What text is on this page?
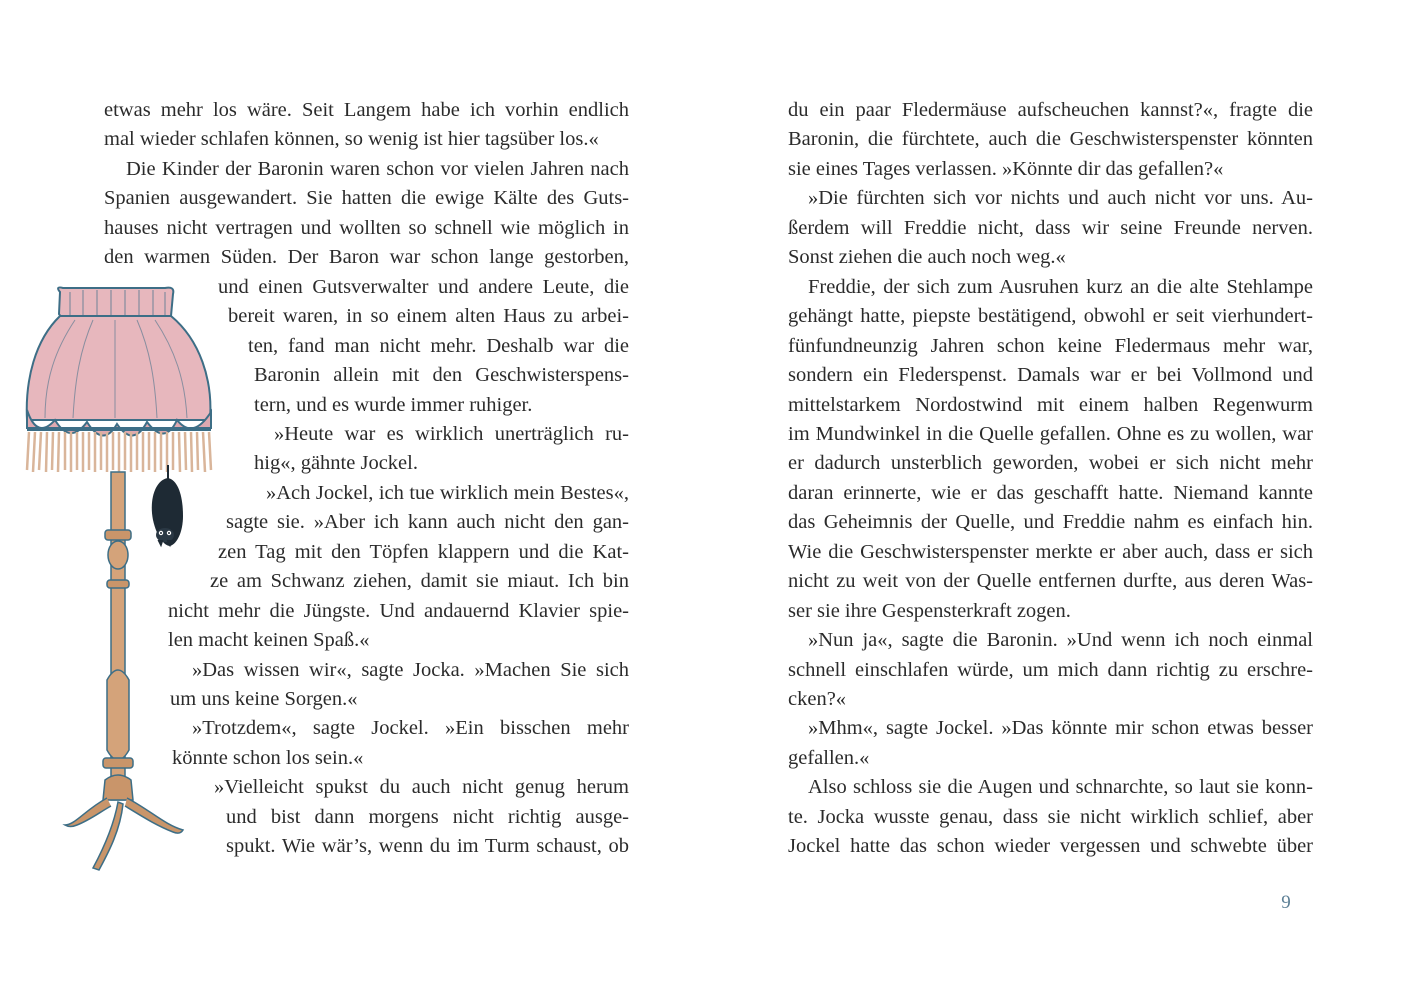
etwas mehr los wäre. Seit Langem habe ich vorhin endlich

mal wieder schlafen können, so wenig ist hier tagsüber los.«

Die Kinder der Baronin waren schon vor vielen Jahren nach

Spanien ausgewandert. Sie hatten die ewige Kälte des Guts-

hauses nicht vertragen und wollten so schnell wie möglich in

den warmen Süden. Der Baron war schon lange gestorben,

und einen Gutsverwalter und andere Leute, die

bereit waren, in so einem alten Haus zu arbei-

ten, fand man nicht mehr. Deshalb war die

Baronin allein mit den Geschwisterspens-

tern, und es wurde immer ruhiger.

»Heute war es wirklich unerträglich ru-

hig«, gähnte Jockel.

»Ach Jockel, ich tue wirklich mein Bestes«,

sagte sie. »Aber ich kann auch nicht den gan-

zen Tag mit den Töpfen klappern und die Kat-

ze am Schwanz ziehen, damit sie miaut. Ich bin

nicht mehr die Jüngste. Und andauernd Klavier spie-

len macht keinen Spaß.«

»Das wissen wir«, sagte Jocka. »Machen Sie sich

um uns keine Sorgen.«

»Trotzdem«, sagte Jockel. »Ein bisschen mehr

könnte schon los sein.«

»Vielleicht spukst du auch nicht genug herum

und bist dann morgens nicht richtig ausge-

spukt. Wie wär’s, wenn du im Turm schaust, ob

du ein paar Fledermäuse aufscheuchen kannst?«, fragte die

Baronin, die fürchtete, auch die Geschwisterspenster könnten

sie eines Tages verlassen. »Könnte dir das gefallen?«

»Die fürchten sich vor nichts und auch nicht vor uns. Au-

ßerdem will Freddie nicht, dass wir seine Freunde nerven.

Sonst ziehen die auch noch weg.«

Freddie, der sich zum Ausruhen kurz an die alte Stehlampe

gehängt hatte, piepste bestätigend, obwohl er seit vierhundert-

fünfundneunzig Jahren schon keine Fledermaus mehr war,

sondern ein Flederspenst. Damals war er bei Vollmond und

mittelstarkem Nordostwind mit einem halben Regenwurm

im Mundwinkel in die Quelle gefallen. Ohne es zu wollen, war

er dadurch unsterblich geworden, wobei er sich nicht mehr

daran erinnerte, wie er das geschafft hatte. Niemand kannte

das Geheimnis der Quelle, und Freddie nahm es einfach hin.

Wie die Geschwisterspenster merkte er aber auch, dass er sich

nicht zu weit von der Quelle entfernen durfte, aus deren Was-

ser sie ihre Gespensterkraft zogen.

»Nun ja«, sagte die Baronin. »Und wenn ich noch einmal

schnell einschlafen würde, um mich dann richtig zu erschre-

cken?«

»Mhm«, sagte Jockel. »Das könnte mir schon etwas besser

gefallen.«

Also schloss sie die Augen und schnarchte, so laut sie konn-

te. Jocka wusste genau, dass sie nicht wirklich schlief, aber

Jockel hatte das schon wieder vergessen und schwebte über

9
